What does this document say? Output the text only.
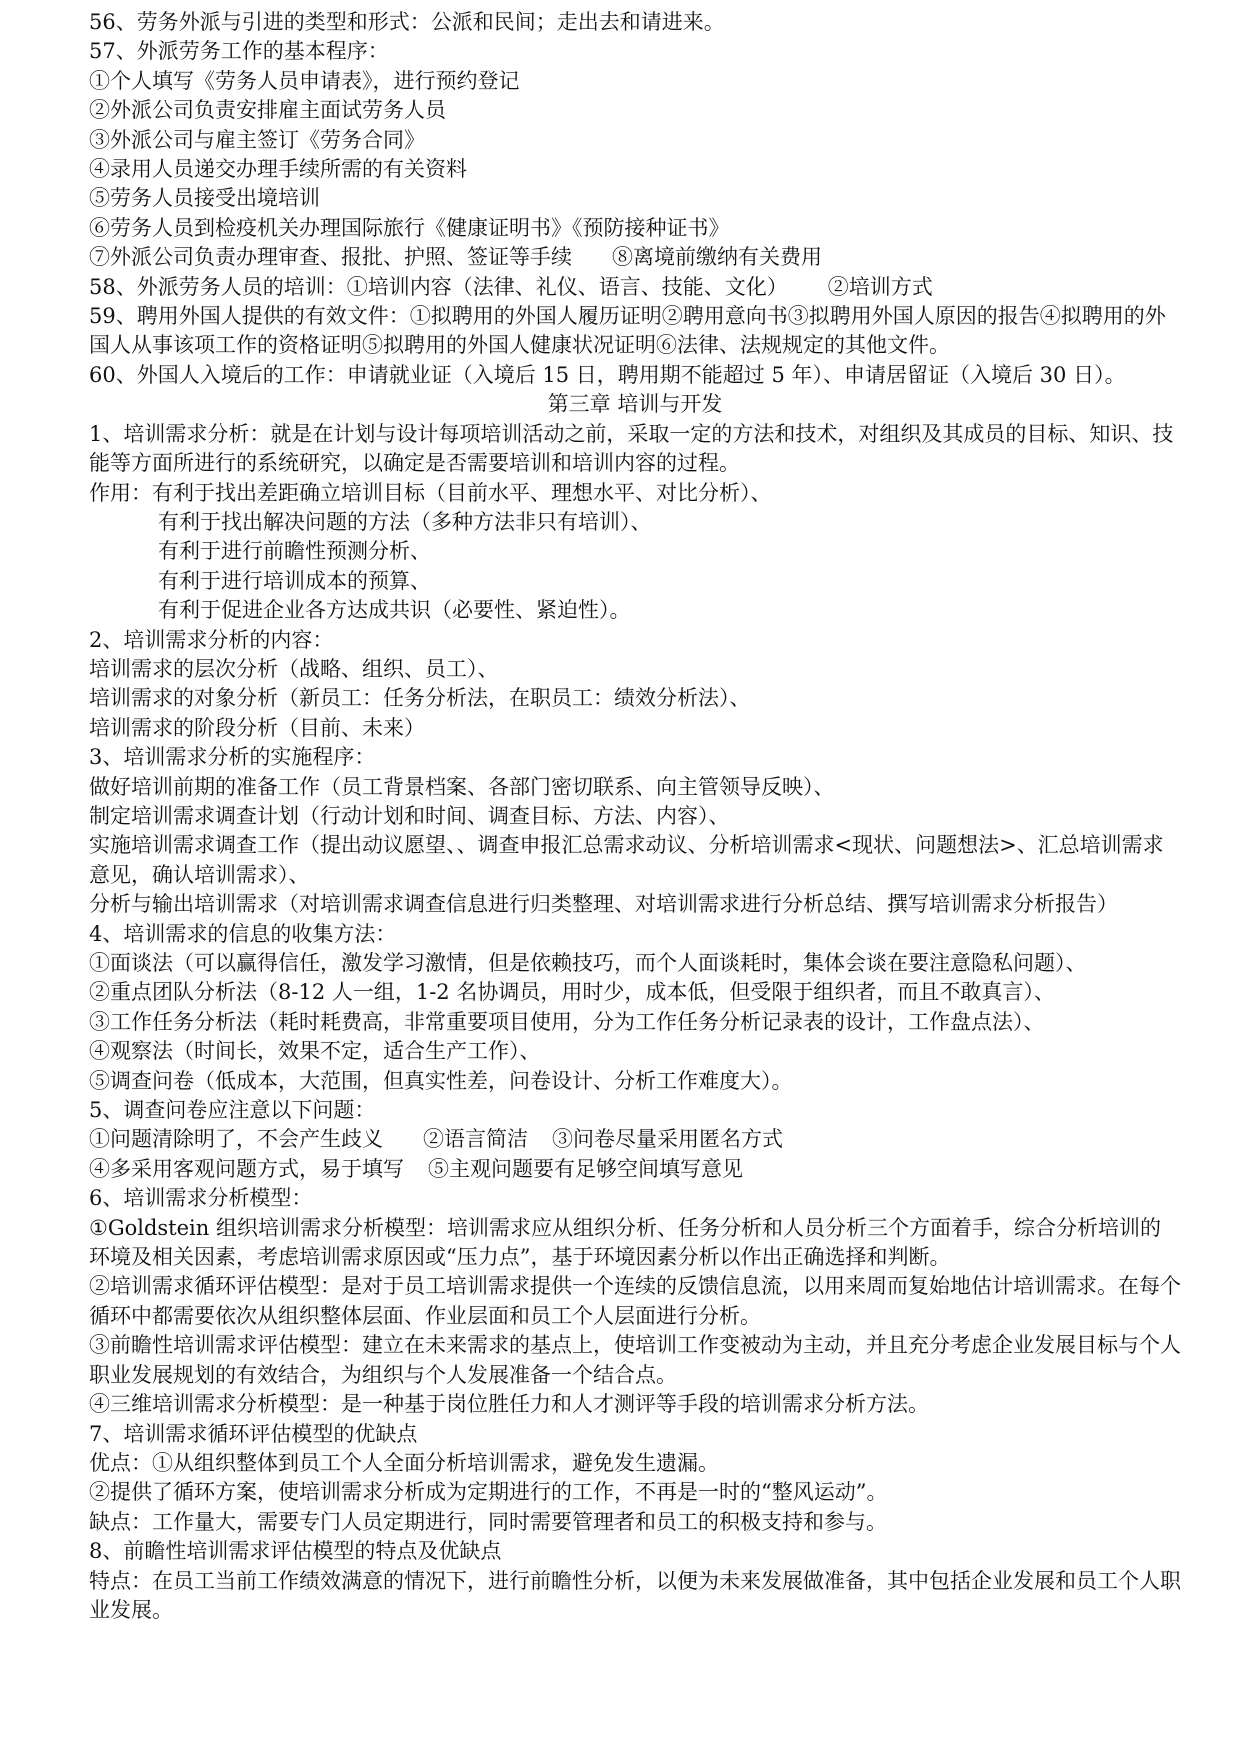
56、劳务外派与引进的类型和形式：公派和民间；走出去和请进来。

57、外派劳务工作的基本程序：

①个人填写《劳务人员申请表》，进行预约登记

②外派公司负责安排雇主面试劳务人员

③外派公司与雇主签订《劳务合同》

④录用人员递交办理手续所需的有关资料

⑤劳务人员接受出境培训

⑥劳务人员到检疫机关办理国际旅行《健康证明书》《预防接种证书》

⑦外派公司负责办理审查、报批、护照、签证等手续 ⑧离境前缴纳有关费用

58、外派劳务人员的培训：①培训内容（法律、礼仪、语言、技能、文化） ②培训方式

59、聘用外国人提供的有效文件：①拟聘用的外国人履历证明②聘用意向书③拟聘用外国人原因的报告④拟聘用的外国人从事该项工作的资格证明⑤拟聘用的外国人健康状况证明⑥法律、法规规定的其他文件。

60、外国人入境后的工作：申请就业证（入境后 15 日，聘用期不能超过 5 年）、申请居留证（入境后 30 日）。

第三章 培训与开发

1、培训需求分析：就是在计划与设计每项培训活动之前，采取一定的方法和技术，对组织及其成员的目标、知识、技能等方面所进行的系统研究，以确定是否需要培训和培训内容的过程。

作用：有利于找出差距确立培训目标（目前水平、理想水平、对比分析）、

有利于找出解决问题的方法（多种方法非只有培训）、

有利于进行前瞻性预测分析、

有利于进行培训成本的预算、

有利于促进企业各方达成共识（必要性、紧迫性）。

2、培训需求分析的内容：

培训需求的层次分析（战略、组织、员工）、

培训需求的对象分析（新员工：任务分析法，在职员工：绩效分析法）、

培训需求的阶段分析（目前、未来）

3、培训需求分析的实施程序：

做好培训前期的准备工作（员工背景档案、各部门密切联系、向主管领导反映）、

制定培训需求调查计划（行动计划和时间、调查目标、方法、内容）、

实施培训需求调查工作（提出动议愿望、、调查申报汇总需求动议、分析培训需求<现状、问题想法>、汇总培训需求意见，确认培训需求）、

分析与输出培训需求（对培训需求调查信息进行归类整理、对培训需求进行分析总结、撰写培训需求分析报告）

4、培训需求的信息的收集方法：

①面谈法（可以赢得信任，激发学习激情，但是依赖技巧，而个人面谈耗时，集体会谈在要注意隐私问题）、

②重点团队分析法（8-12 人一组，1-2 名协调员，用时少，成本低，但受限于组织者，而且不敢真言）、

③工作任务分析法（耗时耗费高，非常重要项目使用，分为工作任务分析记录表的设计，工作盘点法）、

④观察法（时间长，效果不定，适合生产工作）、

⑤调查问卷（低成本，大范围，但真实性差，问卷设计、分析工作难度大）。

5、调查问卷应注意以下问题：

①问题清除明了，不会产生歧义 ②语言简洁 ③问卷尽量采用匿名方式

④多采用客观问题方式，易于填写 ⑤主观问题要有足够空间填写意见

6、培训需求分析模型：

①Goldstein 组织培训需求分析模型：培训需求应从组织分析、任务分析和人员分析三个方面着手，综合分析培训的环境及相关因素，考虑培训需求原因或“压力点”，基于环境因素分析以作出正确选择和判断。

②培训需求循环评估模型：是对于员工培训需求提供一个连续的反馈信息流，以用来周而复始地估计培训需求。在每个循环中都需要依次从组织整体层面、作业层面和员工个人层面进行分析。

③前瞻性培训需求评估模型：建立在未来需求的基点上，使培训工作变被动为主动，并且充分考虑企业发展目标与个人职业发展规划的有效结合，为组织与个人发展准备一个结合点。

④三维培训需求分析模型：是一种基于岗位胜任力和人才测评等手段的培训需求分析方法。

7、培训需求循环评估模型的优缺点

优点：①从组织整体到员工个人全面分析培训需求，避免发生遗漏。

②提供了循环方案，使培训需求分析成为定期进行的工作，不再是一时的“整风运动”。

缺点：工作量大，需要专门人员定期进行，同时需要管理者和员工的积极支持和参与。

8、前瞻性培训需求评估模型的特点及优缺点

特点：在员工当前工作绩效满意的情况下，进行前瞻性分析，以便为未来发展做准备，其中包括企业发展和员工个人职业发展。
